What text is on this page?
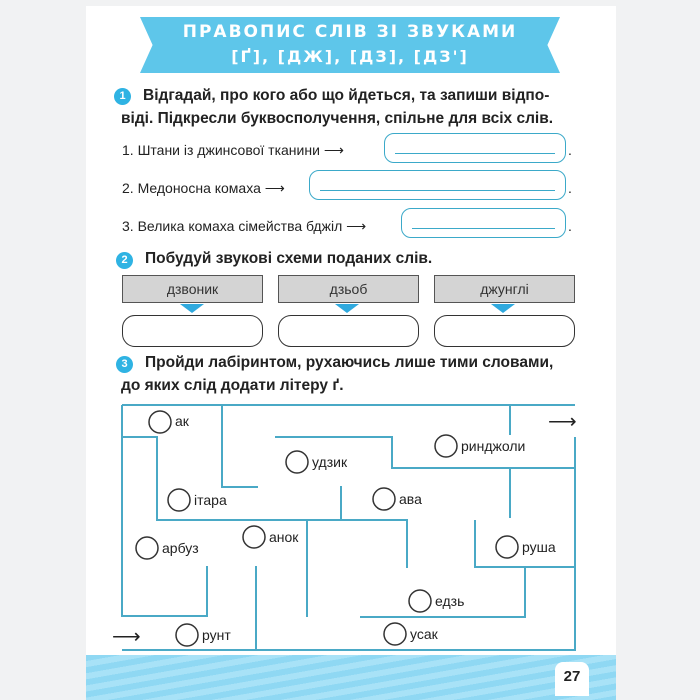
ПРАВОПИС СЛІВ ЗІ ЗВУКАМИ
[Ґ], [ДЖ], [ДЗ], [ДЗ']
1	Відгадай, про кого або що йдеться, та запиши відпо-
віді. Підкресли буквосполучення, спільне для всіх слів.
1. Штани із джинсової тканини ⟶	.
2. Медоносна комаха ⟶	.
3. Велика комаха сімейства бджіл ⟶	.
2	Побудуй звукові схеми поданих слів.
дзвоник	дзьоб	джунглі
3	Пройди лабіринтом, рухаючись лише тими словами,
до яких слід додати літеру ґ.
ак
удзик
ринджоли
ітара	ава
анок
арбуз	руша
едзь
рунт	усак
⟶
⟶
27
